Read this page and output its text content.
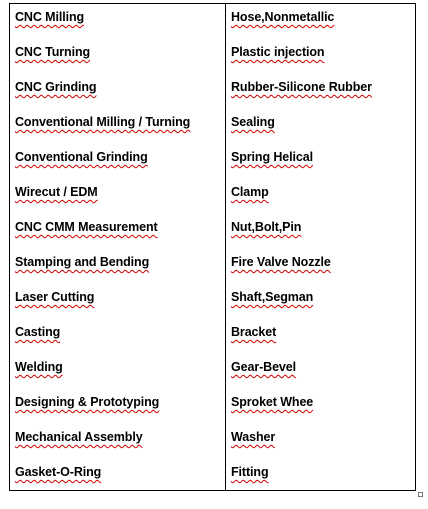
CNC Milling
CNC Turning
CNC Grinding
Conventional Milling / Turning
Conventional Grinding
Wirecut / EDM
CNC CMM Measurement
Stamping and Bending
Laser Cutting
Casting
Welding
Designing & Prototyping
Mechanical Assembly
Gasket-O-Ring
Hose,Nonmetallic
Plastic injection
Rubber-Silicone Rubber
Sealing
Spring Helical
Clamp
Nut,Bolt,Pin
Fire Valve Nozzle
Shaft,Segman
Bracket
Gear-Bevel
Sproket Whee
Washer
Fitting
